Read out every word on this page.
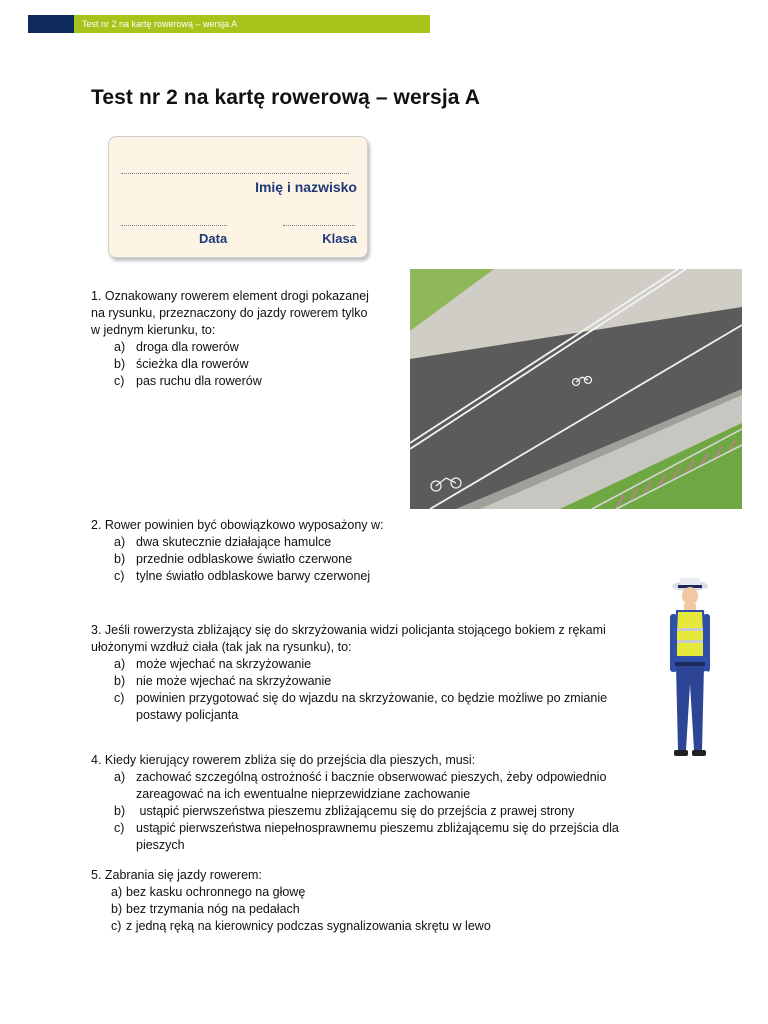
Test nr 2 na kartę rowerową – wersja A
Test nr 2 na kartę rowerową – wersja A
Imię i nazwisko
Data	Klasa
1. Oznakowany rowerem element drogi pokazanej
na rysunku, przeznaczony do jazdy rowerem tylko
w jednym kierunku, to:
a) droga dla rowerów
b) ścieżka dla rowerów
c) pas ruchu dla rowerów
2. Rower powinien być obowiązkowo wyposażony w:
a) dwa skutecznie działające hamulce
b) przednie odblaskowe światło czerwone
c) tylne światło odblaskowe barwy czerwonej
3. Jeśli rowerzysta zbliżający się do skrzyżowania widzi policjanta stojącego bokiem z rękami
ułożonymi wzdłuż ciała (tak jak na rysunku), to:
a) może wjechać na skrzyżowanie
b) nie może wjechać na skrzyżowanie
c) powinien przygotować się do wjazdu na skrzyżowanie, co będzie możliwe po zmianie
postawy policjanta
4. Kiedy kierujący rowerem zbliża się do przejścia dla pieszych, musi:
a) zachować szczególną ostrożność i bacznie obserwować pieszych, żeby odpowiednio
zareagować na ich ewentualne nieprzewidziane zachowanie
b) ustąpić pierwszeństwa pieszemu zbliżającemu się do przejścia z prawej strony
c) ustąpić pierwszeństwa niepełnosprawnemu pieszemu zbliżającemu się do przejścia dla
pieszych
5. Zabrania się jazdy rowerem:
a) bez kasku ochronnego na głowę
b) bez trzymania nóg na pedałach
c) z jedną ręką na kierownicy podczas sygnalizowania skrętu w lewo
